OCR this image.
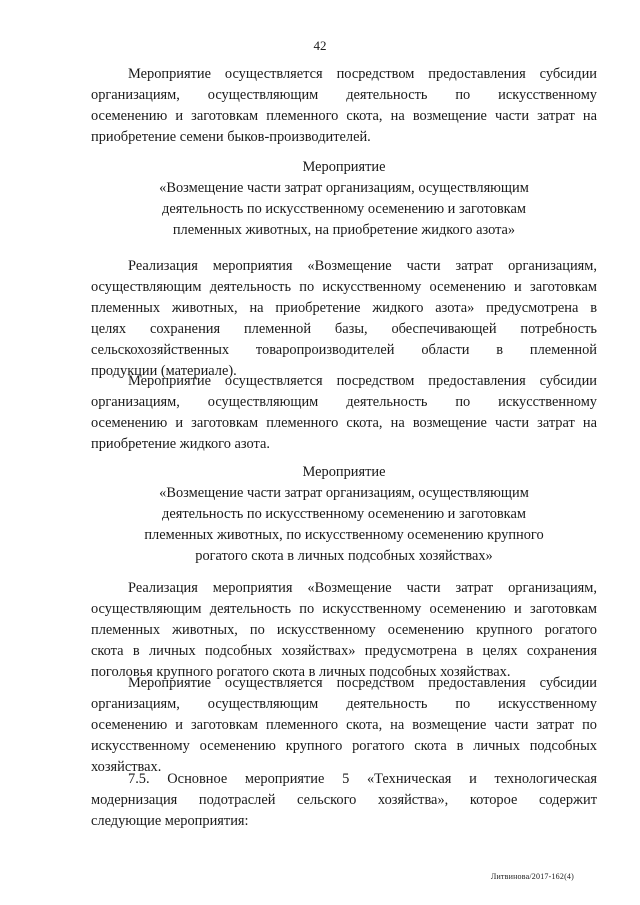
42
Мероприятие осуществляется посредством предоставления субсидии
организациям, осуществляющим деятельность по искусственному
осеменению и заготовкам племенного скота, на возмещение части затрат на
приобретение семени быков-производителей.
Мероприятие
«Возмещение части затрат организациям, осуществляющим
деятельность по искусственному осеменению и заготовкам
племенных животных, на приобретение жидкого азота»
Реализация мероприятия «Возмещение части затрат организациям,
осуществляющим деятельность по искусственному осеменению и заготовкам
племенных животных, на приобретение жидкого азота» предусмотрена в
целях сохранения племенной базы, обеспечивающей потребность
сельскохозяйственных товаропроизводителей области в племенной
продукции (материале).
Мероприятие осуществляется посредством предоставления субсидии
организациям, осуществляющим деятельность по искусственному
осеменению и заготовкам племенного скота, на возмещение части затрат на
приобретение жидкого азота.
Мероприятие
«Возмещение части затрат организациям, осуществляющим
деятельность по искусственному осеменению и заготовкам
племенных животных, по искусственному осеменению крупного
рогатого скота в личных подсобных хозяйствах»
Реализация мероприятия «Возмещение части затрат организациям,
осуществляющим деятельность по искусственному осеменению и заготовкам
племенных животных, по искусственному осеменению крупного рогатого
скота в личных подсобных хозяйствах» предусмотрена в целях сохранения
поголовья крупного рогатого скота в личных подсобных хозяйствах.
Мероприятие осуществляется посредством предоставления субсидии
организациям, осуществляющим деятельность по искусственному
осеменению и заготовкам племенного скота, на возмещение части затрат по
искусственному осеменению крупного рогатого скота в личных подсобных
хозяйствах.
7.5. Основное мероприятие 5 «Техническая и технологическая
модернизация подотраслей сельского хозяйства», которое содержит
следующие мероприятия:
Литвинова/2017-162(4)
